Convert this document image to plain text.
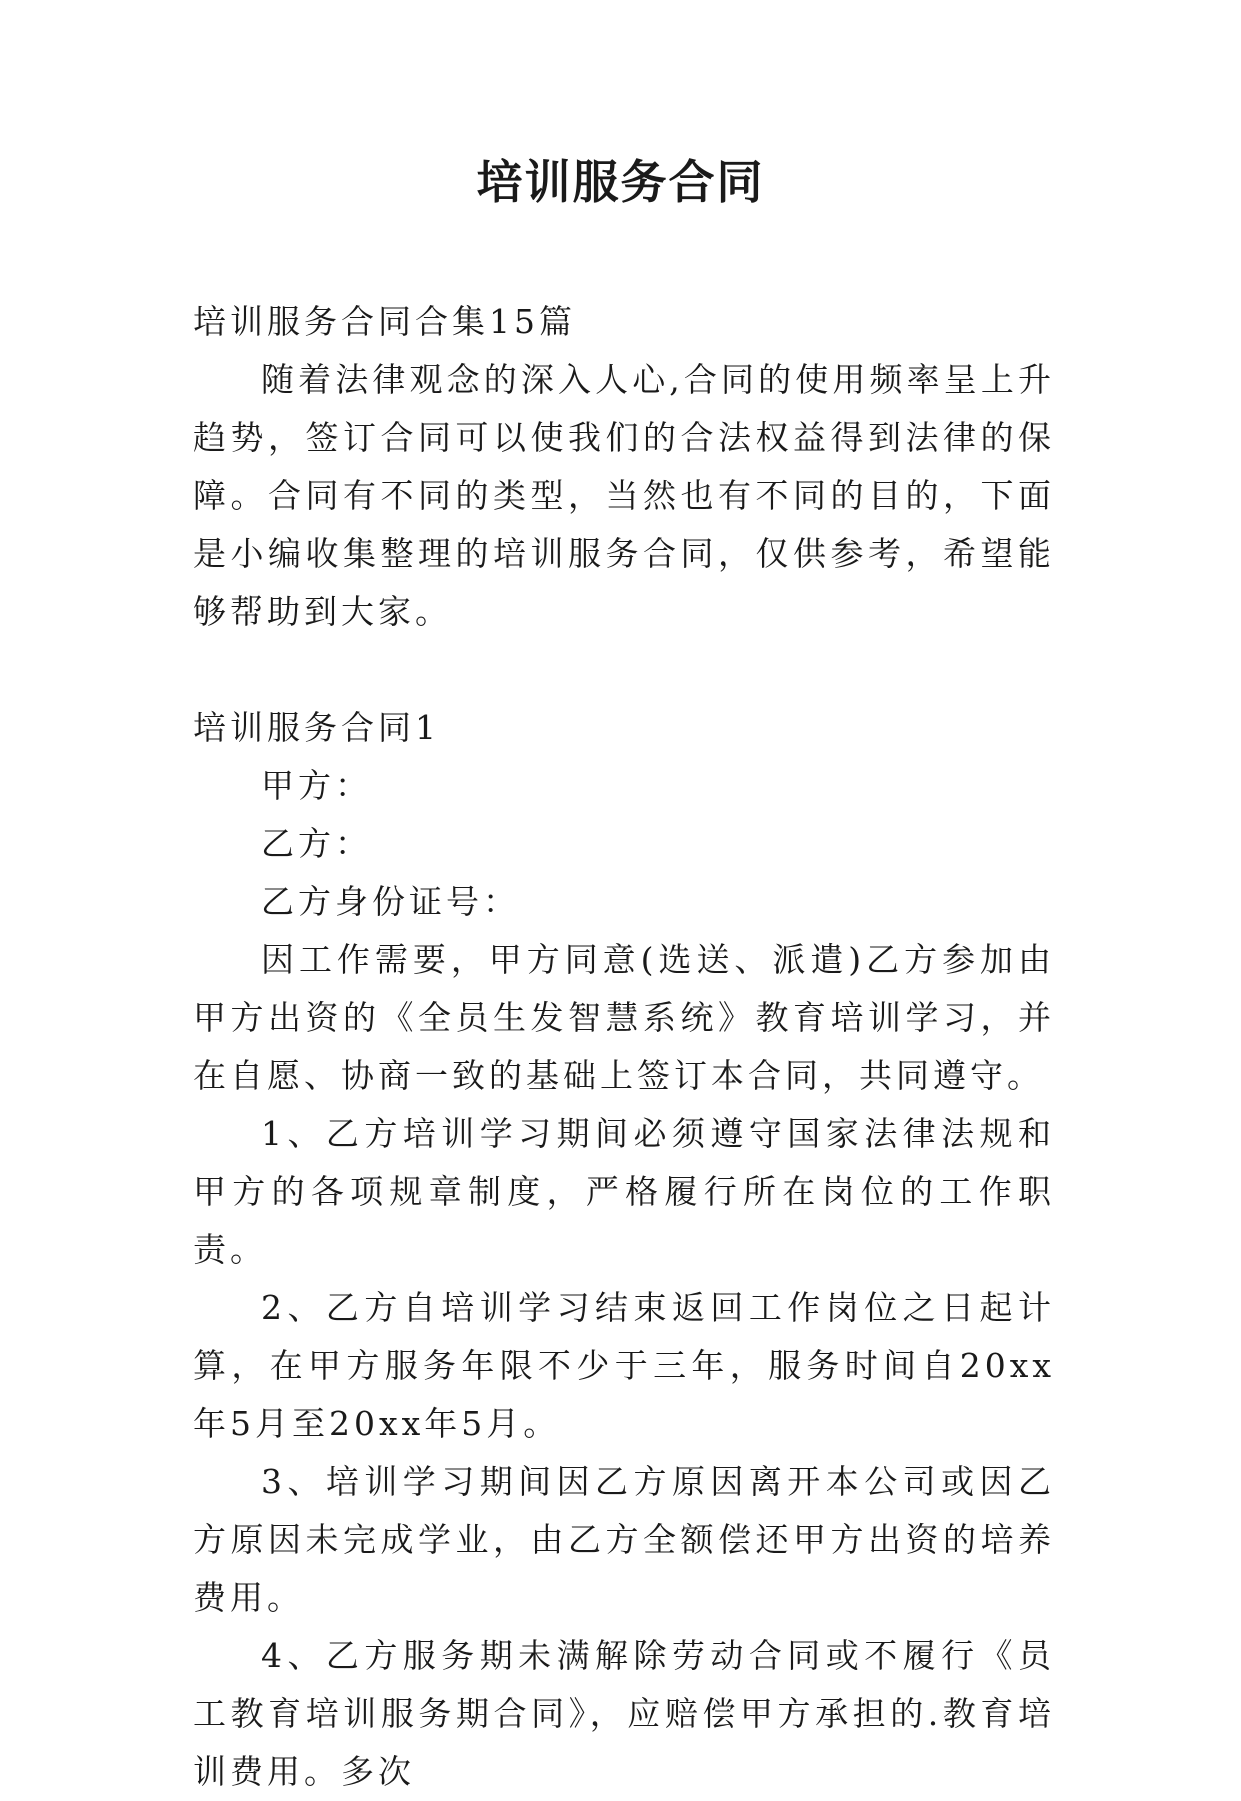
培训服务合同

培训服务合同合集15篇

随着法律观念的深入人心,合同的使用频率呈上升趋势，签订合同可以使我们的合法权益得到法律的保障。合同有不同的类型，当然也有不同的目的，下面是小编收集整理的培训服务合同，仅供参考，希望能够帮助到大家。

培训服务合同1

甲方：

乙方：

乙方身份证号：

因工作需要，甲方同意(选送、派遣)乙方参加由甲方出资的《全员生发智慧系统》教育培训学习，并在自愿、协商一致的基础上签订本合同，共同遵守。

1、乙方培训学习期间必须遵守国家法律法规和甲方的各项规章制度，严格履行所在岗位的工作职责。

2、乙方自培训学习结束返回工作岗位之日起计算，在甲方服务年限不少于三年，服务时间自20xx年5月至20xx年5月。

3、培训学习期间因乙方原因离开本公司或因乙方原因未完成学业，由乙方全额偿还甲方出资的培养费用。

4、乙方服务期未满解除劳动合同或不履行《员工教育培训服务期合同》，应赔偿甲方承担的.教育培训费用。多次
